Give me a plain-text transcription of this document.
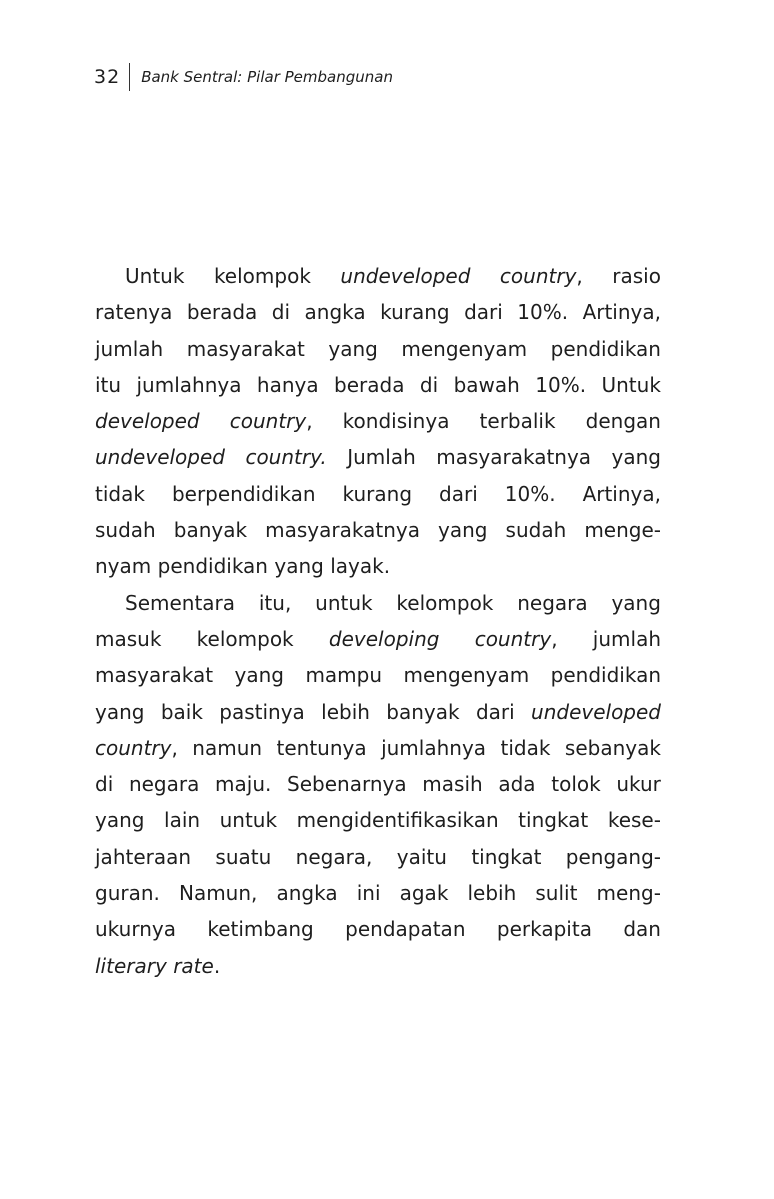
32 Bank Sentral: Pilar Pembangunan
Untuk kelompok undeveloped country, rasio
ratenya berada di angka kurang dari 10%. Artinya,
jumlah masyarakat yang mengenyam pendidikan
itu jumlahnya hanya berada di bawah 10%. Untuk
developed country, kondisinya terbalik dengan
undeveloped country. Jumlah masyarakatnya yang
tidak berpendidikan kurang dari 10%. Artinya,
sudah banyak masyarakatnya yang sudah menge-
nyam pendidikan yang layak.
Sementara itu, untuk kelompok negara yang
masuk kelompok developing country, jumlah
masyarakat yang mampu mengenyam pendidikan
yang baik pastinya lebih banyak dari undeveloped
country, namun tentunya jumlahnya tidak sebanyak
di negara maju. Sebenarnya masih ada tolok ukur
yang lain untuk mengidentifikasikan tingkat kese-
jahteraan suatu negara, yaitu tingkat pengang-
guran. Namun, angka ini agak lebih sulit meng-
ukurnya ketimbang pendapatan perkapita dan
literary rate.
